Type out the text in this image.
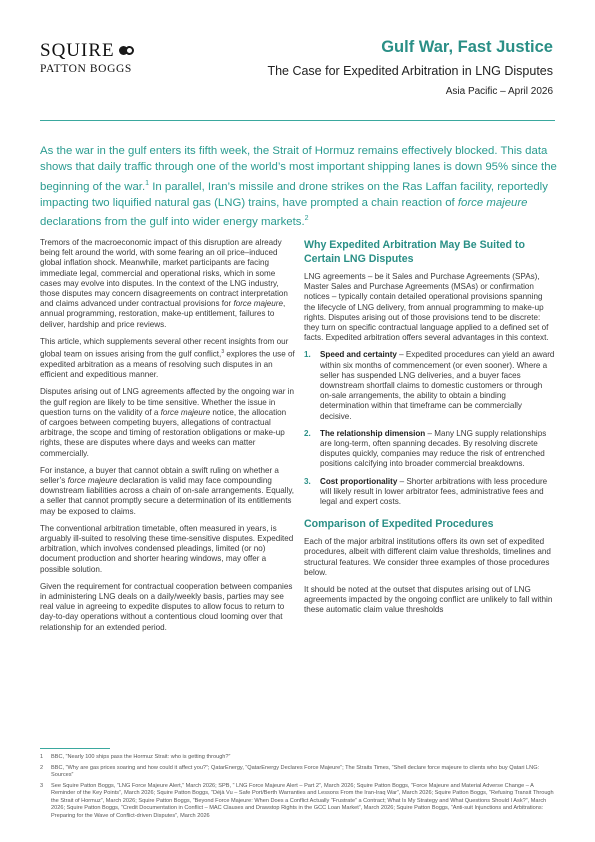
SQUIRE
PATTON BOGGS
Gulf War, Fast Justice
The Case for Expedited Arbitration in LNG Disputes
Asia Pacific – April 2026

As the war in the gulf enters its fifth week, the Strait of Hormuz remains effectively blocked. This data shows that daily traffic through one of the world’s most important shipping lanes is down 95% since the beginning of the war.$^1$ In parallel, Iran’s missile and drone strikes on the Ras Laffan facility, reportedly impacting two liquified natural gas (LNG) trains, have prompted a chain reaction of force majeure declarations from the gulf into wider energy markets.$^2$

Tremors of the macroeconomic impact of this disruption are already being felt around the world, with some fearing an oil price–induced global inflation shock. Meanwhile, market participants are facing immediate legal, commercial and operational risks, which in some cases may evolve into disputes. In the context of the LNG industry, those disputes may concern disagreements on contract interpretation and claims advanced under contractual provisions for force majeure, annual programming, restoration, make-up entitlement, failures to deliver, hardship and price reviews.

This article, which supplements several other recent insights from our global team on issues arising from the gulf conflict,$^3$ explores the use of expedited arbitration as a means of resolving such disputes in an efficient and expeditious manner.

Disputes arising out of LNG agreements affected by the ongoing war in the gulf region are likely to be time sensitive. Whether the issue in question turns on the validity of a force majeure notice, the allocation of cargoes between competing buyers, allegations of contractual arbitrage, the scope and timing of restoration obligations or make-up rights, these are disputes where days and weeks can matter commercially.

For instance, a buyer that cannot obtain a swift ruling on whether a seller’s force majeure declaration is valid may face compounding downstream liabilities across a chain of on-sale arrangements. Equally, a seller that cannot promptly secure a determination of its entitlements may be exposed to claims.

The conventional arbitration timetable, often measured in years, is arguably ill-suited to resolving these time-sensitive disputes. Expedited arbitration, which involves condensed pleadings, limited (or no) document production and shorter hearing windows, may offer a possible solution.

Given the requirement for contractual cooperation between companies in administering LNG deals on a daily/weekly basis, parties may see real value in agreeing to expedite disputes to allow focus to return to day-to-day operations without a contentious cloud looming over that relationship for an extended period.

Why Expedited Arbitration May Be Suited to Certain LNG Disputes

LNG agreements – be it Sales and Purchase Agreements (SPAs), Master Sales and Purchase Agreements (MSAs) or confirmation notices – typically contain detailed operational provisions spanning the lifecycle of LNG delivery, from annual programming to make-up rights. Disputes arising out of those provisions tend to be discrete: they turn on specific contractual language applied to a defined set of facts. Expedited arbitration offers several advantages in this context.

1. Speed and certainty – Expedited procedures can yield an award within six months of commencement (or even sooner). Where a seller has suspended LNG deliveries, and a buyer faces downstream shortfall claims to domestic customers or through on-sale arrangements, the ability to obtain a binding determination within that timeframe can be commercially decisive.
2. The relationship dimension – Many LNG supply relationships are long-term, often spanning decades. By resolving discrete disputes quickly, companies may reduce the risk of entrenched positions calcifying into broader commercial breakdowns.
3. Cost proportionality – Shorter arbitrations with less procedure will likely result in lower arbitrator fees, administrative fees and legal and expert costs.
Comparison of Expedited Procedures

Each of the major arbitral institutions offers its own set of expedited procedures, albeit with different claim value thresholds, timelines and structural features. We consider three examples of those procedures below.

It should be noted at the outset that disputes arising out of LNG agreements impacted by the ongoing conflict are unlikely to fall within these automatic claim value thresholds

1 BBC, “Nearly 100 ships pass the Hormuz Strait: who is getting through?”
2 BBC, “Why are gas prices soaring and how could it affect you?”; QatarEnergy, “QatarEnergy Declares Force Majeure”; The Straits Times, “Shell declare force majeure to clients who buy Qatari LNG: Sources”
3 See Squire Patton Boggs, “LNG Force Majeure Alert,” March 2026; SPB, “ LNG Force Majeure Alert – Part 2”, March 2026; Squire Patton Boggs, “Force Majeure and Material Adverse Change – A Reminder of the Key Points”, March 2026; Squire Patton Boggs, “Déjà Vu – Safe Port/Berth Warranties and Lessons From the Iran-Iraq War”, March 2026; Squire Patton Boggs, “Refusing Transit Through the Strait of Hormuz”, March 2026; Squire Patton Boggs, “Beyond Force Majeure: When Does a Conflict Actually “Frustrate” a Contract; What Is My Strategy and What Questions Should I Ask?”, March 2026; Squire Patton Boggs, “Credit Documentation in Conflict – MAC Clauses and Drawstop Rights in the GCC Loan Market”, March 2026; Squire Patton Boggs, “Anti-suit Injunctions and Arbitrations: Preparing for the Wave of Conflict-driven Disputes”, March 2026
